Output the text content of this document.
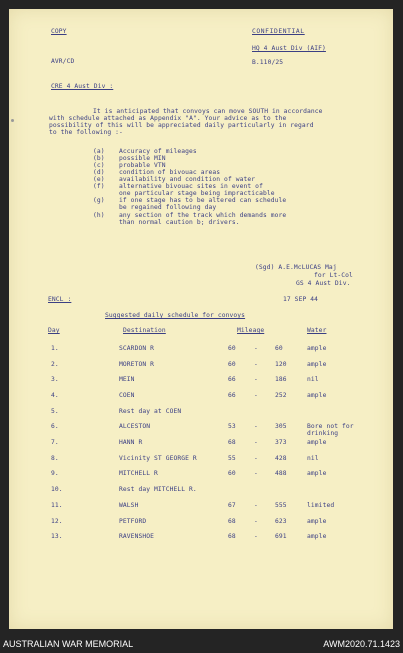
COPY	CONFIDENTIAL
AVR/CD
HQ 4 Aust Div (AIF)
B.110/25
CRE 4 Aust Div :
It is anticipated that convoys can move SOUTH in accordance
with schedule attached as Appendix "A". Your advice as to the
possibility of this will be appreciated daily particularly in regard
to the following :-
(a) Accuracy of mileages
(b) possible MIN
(c) probable VTN
(d) condition of bivouac areas
(e) availability and condition of water
(f) alternative bivouac sites in event of
one particular stage being impracticable
(g) if one stage has to be altered can schedule
be regained following day
(h) any section of the track which demands more
than normal caution b; drivers.
(Sgd) A.E.McLUCAS Maj
for Lt-Col
GS 4 Aust Div.
ENCL :	17 SEP 44
Suggested daily schedule for convoys
Day	Destination	Mileage	Water
1.	SCARDON R	60	-	60	ample
2.	MORETON R	60	-	120	ample
3.	MEIN	66	-	186	nil
4.	COEN	66	-	252	ample
5.	Rest day at COEN
6.	ALCESTON	53	-	305	Bore not for drinking
7.	HANN R	68	-	373	ample
8.	Vicinity ST GEORGE R	55	-	428	nil
9.	MITCHELL R	60	-	488	ample
10.	Rest day MITCHELL R.
11.	WALSH	67	-	555	limited
12.	PETFORD	68	-	623	ample
13.	RAVENSHOE	68	-	691	ample
AUSTRALIAN WAR MEMORIAL	AWM2020.71.1423
